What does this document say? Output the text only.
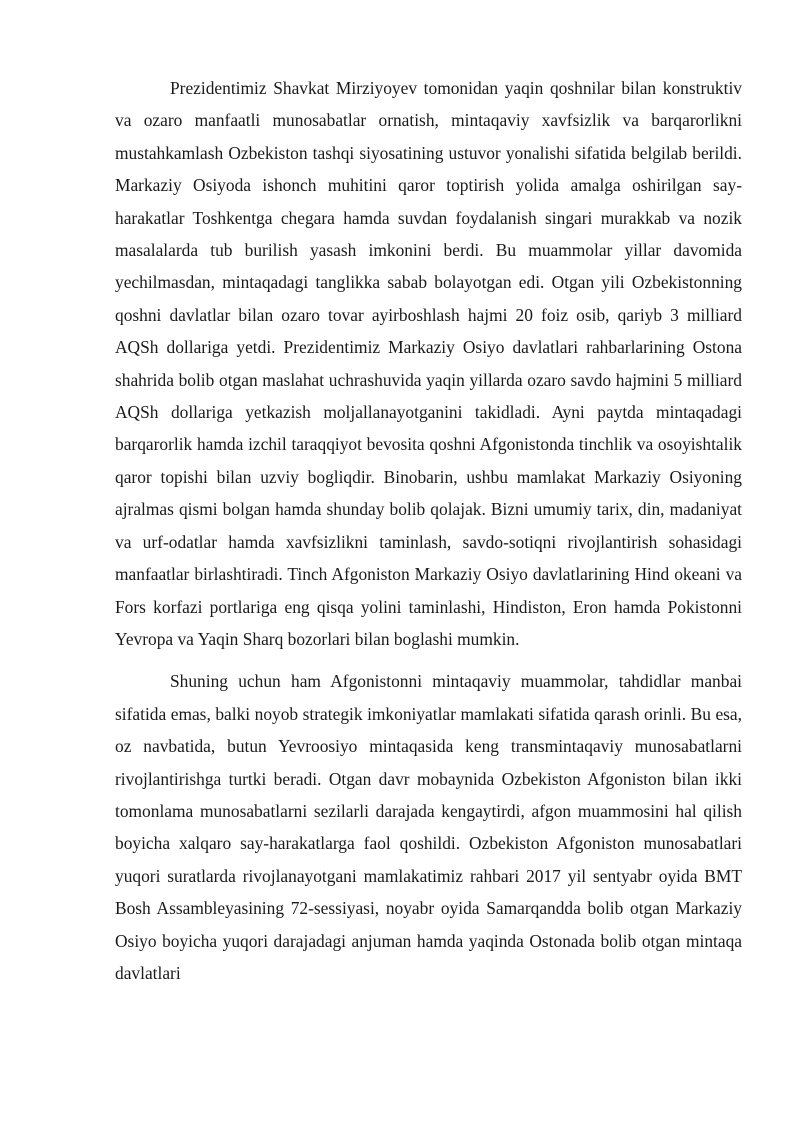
Prezidentimiz Shavkat Mirziyoyev tomonidan yaqin qoshnilar bilan konstruktiv va ozaro manfaatli munosabatlar ornatish, mintaqaviy xavfsizlik va barqarorlikni mustahkamlash Ozbekiston tashqi siyosatining ustuvor yonalishi sifatida belgilab berildi. Markaziy Osiyoda ishonch muhitini qaror toptirish yolida amalga oshirilgan say-harakatlar Toshkentga chegara hamda suvdan foydalanish singari murakkab va nozik masalalarda tub burilish yasash imkonini berdi. Bu muammolar yillar davomida yechilmasdan, mintaqadagi tanglikka sabab bolayotgan edi. Otgan yili Ozbekistonning qoshni davlatlar bilan ozaro tovar ayirboshlash hajmi 20 foiz osib, qariyb 3 milliard AQSh dollariga yetdi. Prezidentimiz Markaziy Osiyo davlatlari rahbarlarining Ostona shahrida bolib otgan maslahat uchrashuvida yaqin yillarda ozaro savdo hajmini 5 milliard AQSh dollariga yetkazish moljallanayotganini takidladi. Ayni paytda mintaqadagi barqarorlik hamda izchil taraqqiyot bevosita qoshni Afgonistonda tinchlik va osoyishtalik qaror topishi bilan uzviy bogliqdir. Binobarin, ushbu mamlakat Markaziy Osiyoning ajralmas qismi bolgan hamda shunday bolib qolajak. Bizni umumiy tarix, din, madaniyat va urf-odatlar hamda xavfsizlikni taminlash, savdo-sotiqni rivojlantirish sohasidagi manfaatlar birlashtiradi. Tinch Afgoniston Markaziy Osiyo davlatlarining Hind okeani va Fors korfazi portlariga eng qisqa yolini taminlashi, Hindiston, Eron hamda Pokistonni Yevropa va Yaqin Sharq bozorlari bilan boglashi mumkin.

Shuning uchun ham Afgonistonni mintaqaviy muammolar, tahdidlar manbai sifatida emas, balki noyob strategik imkoniyatlar mamlakati sifatida qarash orinli. Bu esa, oz navbatida, butun Yevroosiyo mintaqasida keng transmintaqaviy munosabatlarni rivojlantirishga turtki beradi. Otgan davr mobaynida Ozbekiston Afgoniston bilan ikki tomonlama munosabatlarni sezilarli darajada kengaytirdi, afgon muammosini hal qilish boyicha xalqaro say-harakatlarga faol qoshildi. Ozbekiston Afgoniston munosabatlari yuqori suratlarda rivojlanayotgani mamlakatimiz rahbari 2017 yil sentyabr oyida BMT Bosh Assambleyasining 72-sessiyasi, noyabr oyida Samarqandda bolib otgan Markaziy Osiyo boyicha yuqori darajadagi anjuman hamda yaqinda Ostonada bolib otgan mintaqa davlatlari
